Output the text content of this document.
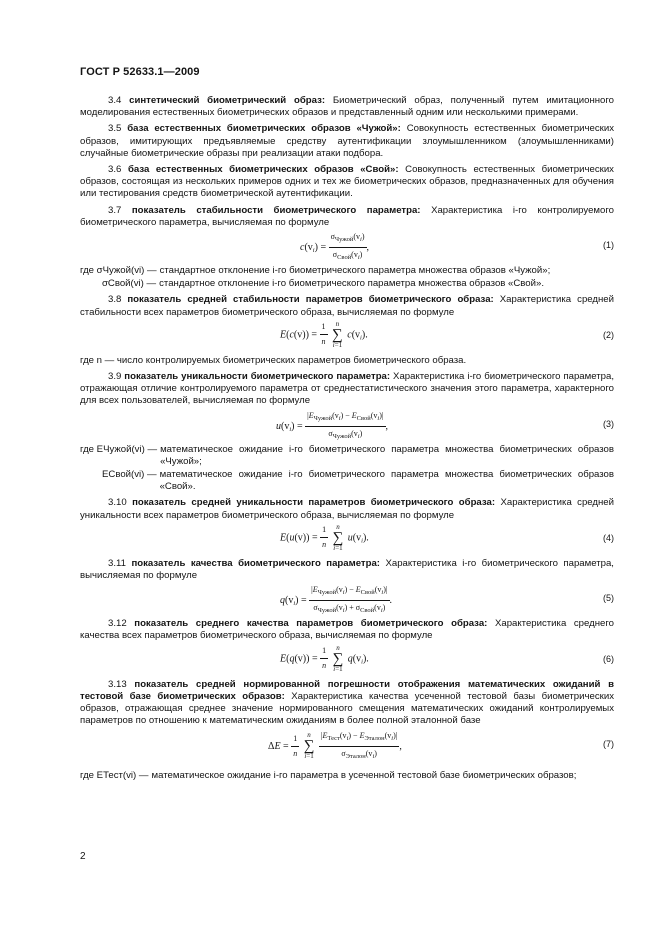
ГОСТ Р 52633.1—2009

3.4 синтетический биометрический образ: Биометрический образ, полученный путем имитационного моделирования естественных биометрических образов и представленный одним или несколькими примерами.

3.5 база естественных биометрических образов «Чужой»: Совокупность естественных биометрических образов, имитирующих предъявляемые средству аутентификации злоумышленником (злоумышленниками) случайные биометрические образы при реализации атаки подбора.

3.6 база естественных биометрических образов «Свой»: Совокупность естественных биометрических образов, состоящая из нескольких примеров одних и тех же биометрических образов, предназначенных для обучения или тестирования средств биометрической аутентификации.

3.7 показатель стабильности биометрического параметра: Характеристика i-го контролируемого биометрического параметра, вычисляемая по формуле

$c(v_i) = \frac{\sigma_{Чужой}(v_i)}{\sigma_{Свой}(v_i)}$ ,	(1)
где σЧужой(vi) — стандартное отклонение i-го биометрического параметра множества образов «Чужой»;
σСвой(vi) — стандартное отклонение i-го биометрического параметра множества образов «Свой».

3.8 показатель средней стабильности параметров биометрического образа: Характеристика средней стабильности всех параметров биометрического образа, вычисляемая по формуле

$E(c(v)) = \frac{1}{n}$ n
∑
i=1 $c(v_i)$.	(2)

где n — число контролируемых биометрических параметров биометрического образа.

3.9 показатель уникальности биометрического параметра: Характеристика i-го биометрического параметра, отражающая отличие контролируемого параметра от среднестатистического значения этого параметра, характерного для всех пользователей, вычисляемая по формуле

$u(v_i) = \frac{|E_{Чужой}(v_i) - E_{Свой}(v_i)|}{\sigma_{Чужой}(v_i)}$ ,	(3)
где EЧужой(vi) — математическое ожидание i-го биометрического параметра множества биометрических образов «Чужой»;
EСвой(vi) — математическое ожидание i-го биометрического параметра множества биометрических образов «Свой».

3.10 показатель средней уникальности параметров биометрического образа: Характеристика средней уникальности всех параметров биометрического образа, вычисляемая по формуле

$E(u(v)) = \frac{1}{n}$ n
∑
i=1 $u(v_i)$.	(4)

3.11 показатель качества биометрического параметра: Характеристика i-го биометрического параметра, вычисляемая по формуле

$q(v_i) = \frac{|E_{Чужой}(v_i) - E_{Свой}(v_i)|}{\sigma_{Чужой}(v_i) + \sigma_{Свой}(v_i)}$ .	(5)

3.12 показатель среднего качества параметров биометрического образа: Характеристика среднего качества всех параметров биометрического образа, вычисляемая по формуле

$E(q(v)) = \frac{1}{n}$ n
∑
i=1 $q(v_i)$.	(6)

3.13 показатель средней нормированной погрешности отображения математических ожиданий в тестовой базе биометрических образов: Характеристика качества усеченной тестовой базы биометрических образов, отражающая среднее значение нормированного смещения математических ожиданий контролируемых параметров по отношению к математическим ожиданиям в более полной эталонной базе

$\Delta E = \frac{1}{n}$ n
∑
$i=1 \frac{|E_{Тест}(v_i) - E_{Эталон}(v_i)|}{\sigma_{Эталон}(v_i)}$ ,	(7)
где EТест(vi) — математическое ожидание i-го параметра в усеченной тестовой базе биометрических образов;
2
